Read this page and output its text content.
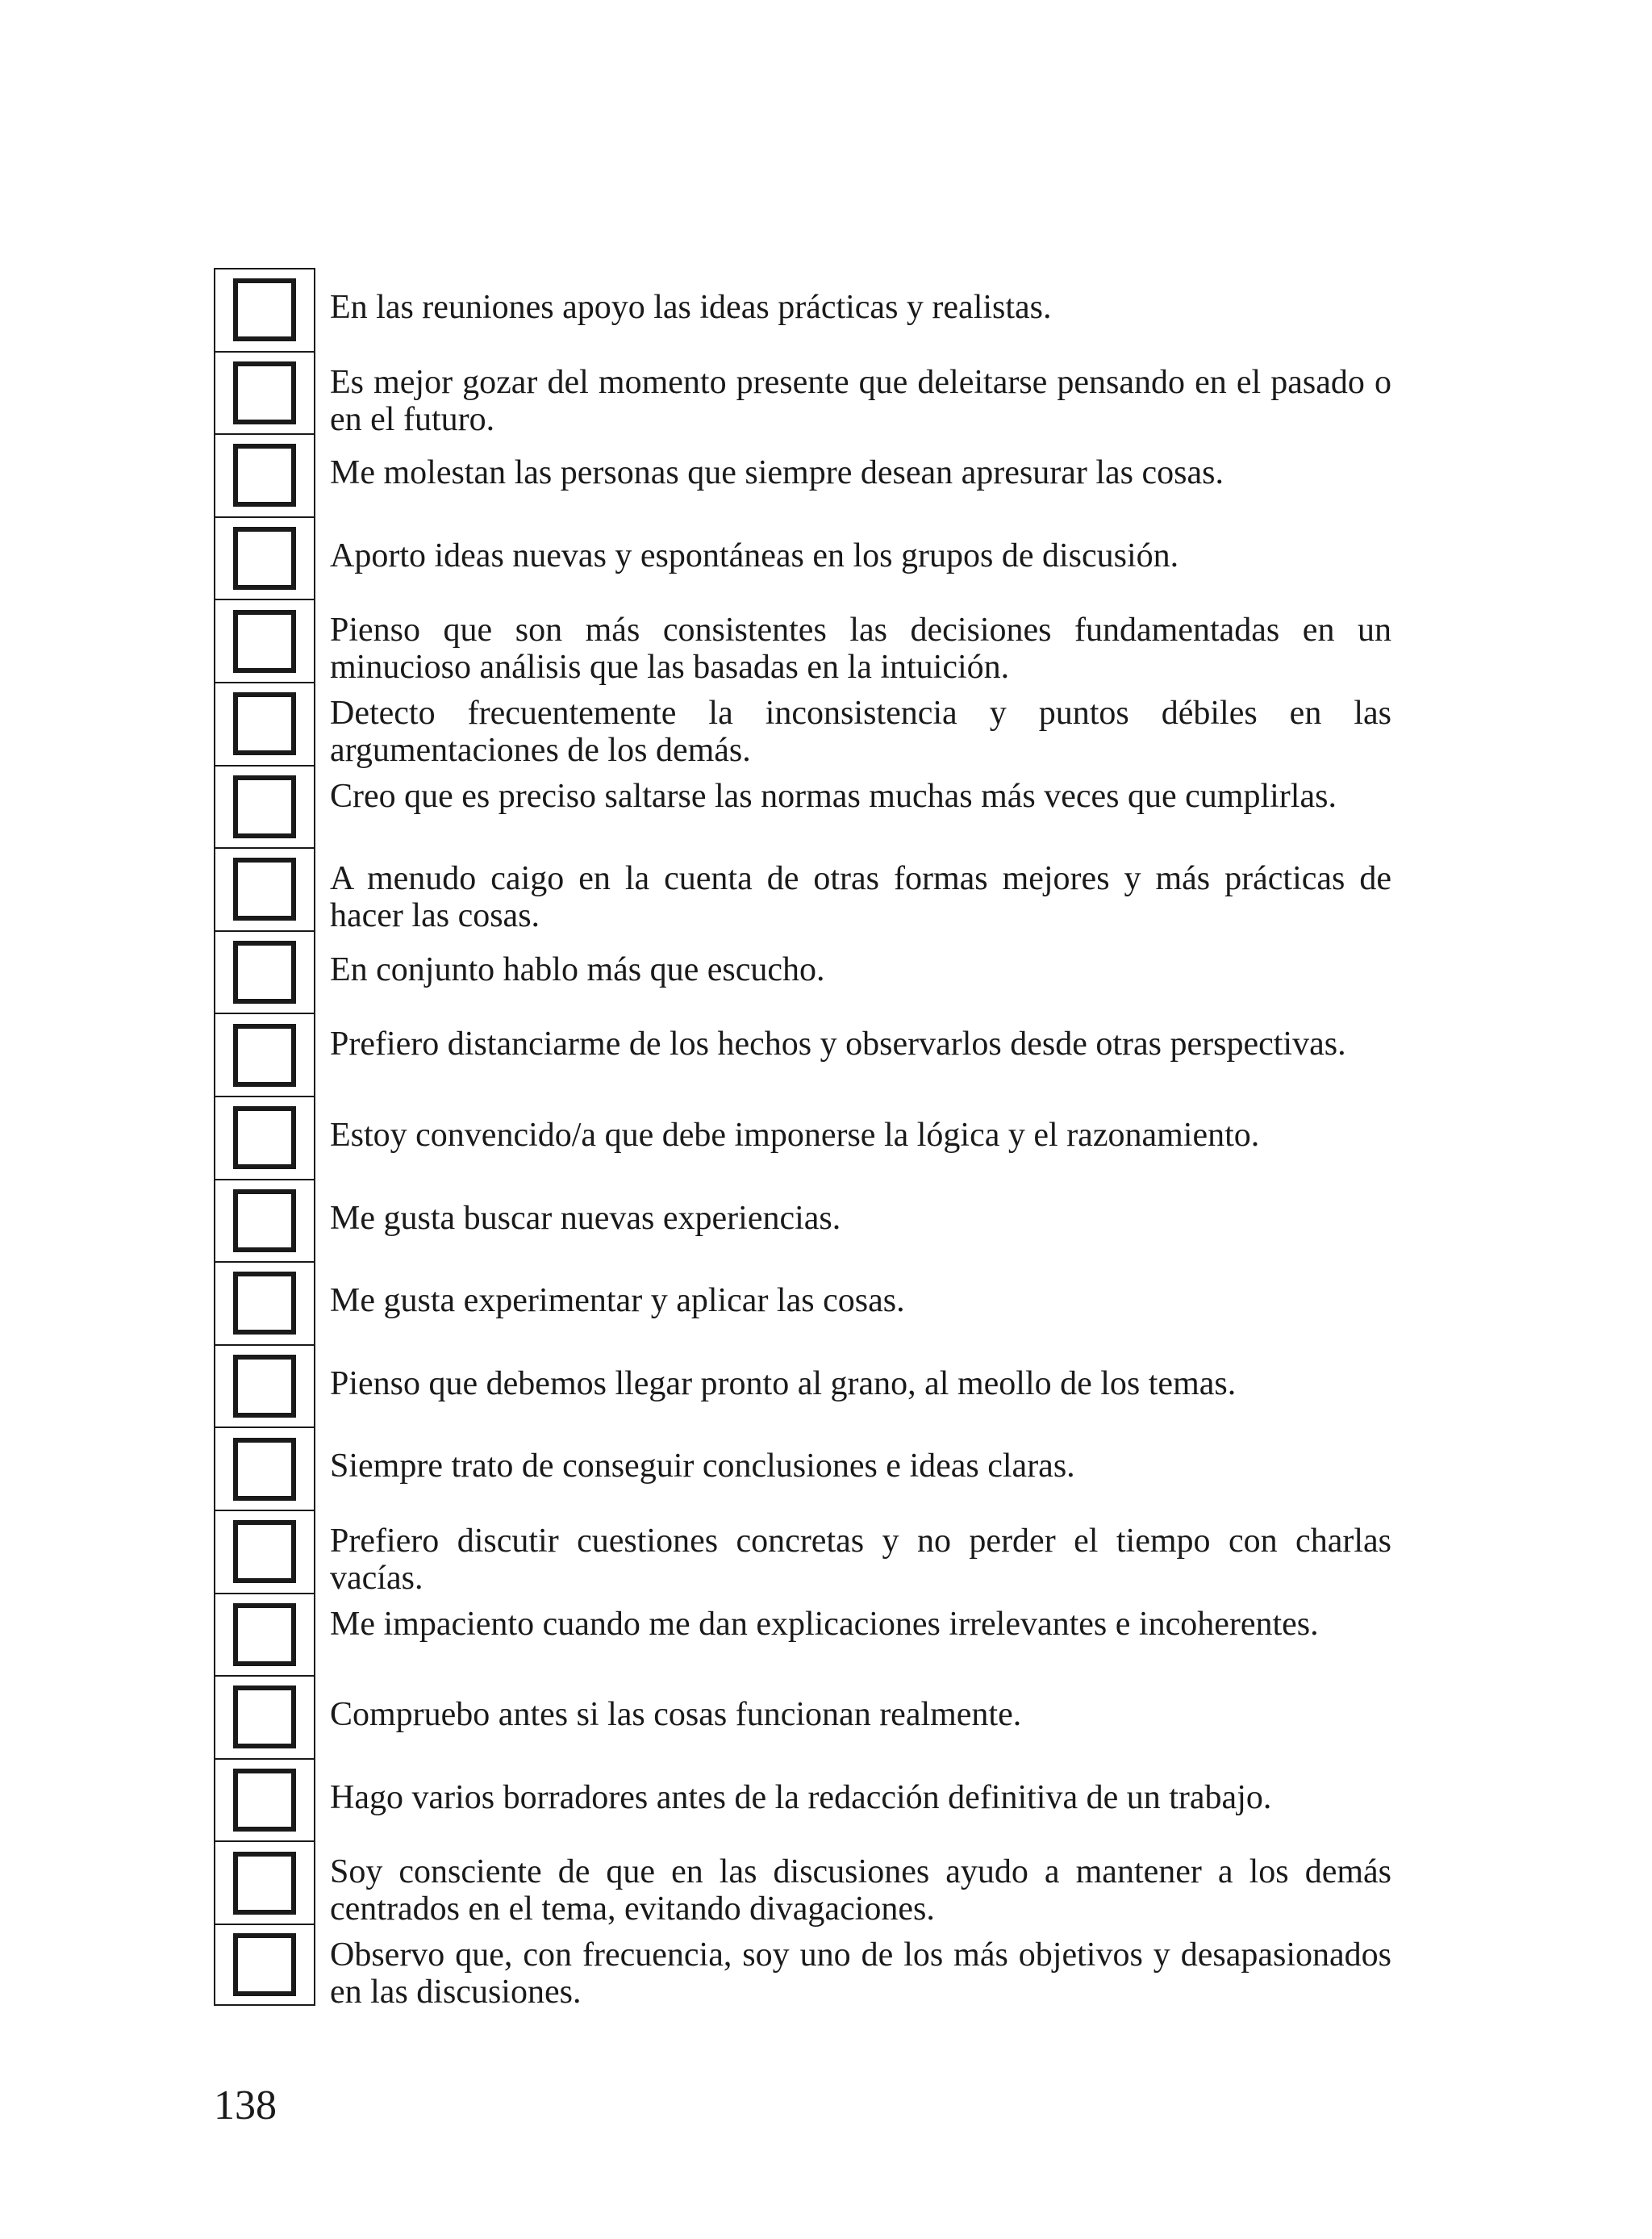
En las reuniones apoyo las ideas prácticas y realistas.
Es mejor gozar del momento presente que deleitarse pensando en el pasado o en el futuro.
Me molestan las personas que siempre desean apresurar las cosas.
Aporto ideas nuevas y espontáneas en los grupos de discusión.
Pienso que son más consistentes las decisiones fundamentadas en un minucioso análisis que las basadas en la intuición.
Detecto frecuentemente la inconsistencia y puntos débiles en las argumentaciones de los demás.
Creo que es preciso saltarse las normas muchas más veces que cumplirlas.
A menudo caigo en la cuenta de otras formas mejores y más prácticas de hacer las cosas.
En conjunto hablo más que escucho.
Prefiero distanciarme de los hechos y observarlos desde otras perspectivas.
Estoy convencido/a que debe imponerse la lógica y el razonamiento.
Me gusta buscar nuevas experiencias.
Me gusta experimentar y aplicar las cosas.
Pienso que debemos llegar pronto al grano, al meollo de los temas.
Siempre trato de conseguir conclusiones e ideas claras.
Prefiero discutir cuestiones concretas y no perder el tiempo con charlas vacías.
Me impaciento cuando me dan explicaciones irrelevantes e incoherentes.
Compruebo antes si las cosas funcionan realmente.
Hago varios borradores antes de la redacción definitiva de un trabajo.
Soy consciente de que en las discusiones ayudo a mantener a los demás centrados en el tema, evitando divagaciones.
Observo que, con frecuencia, soy uno de los más objetivos y desapasionados en las discusiones.
138
